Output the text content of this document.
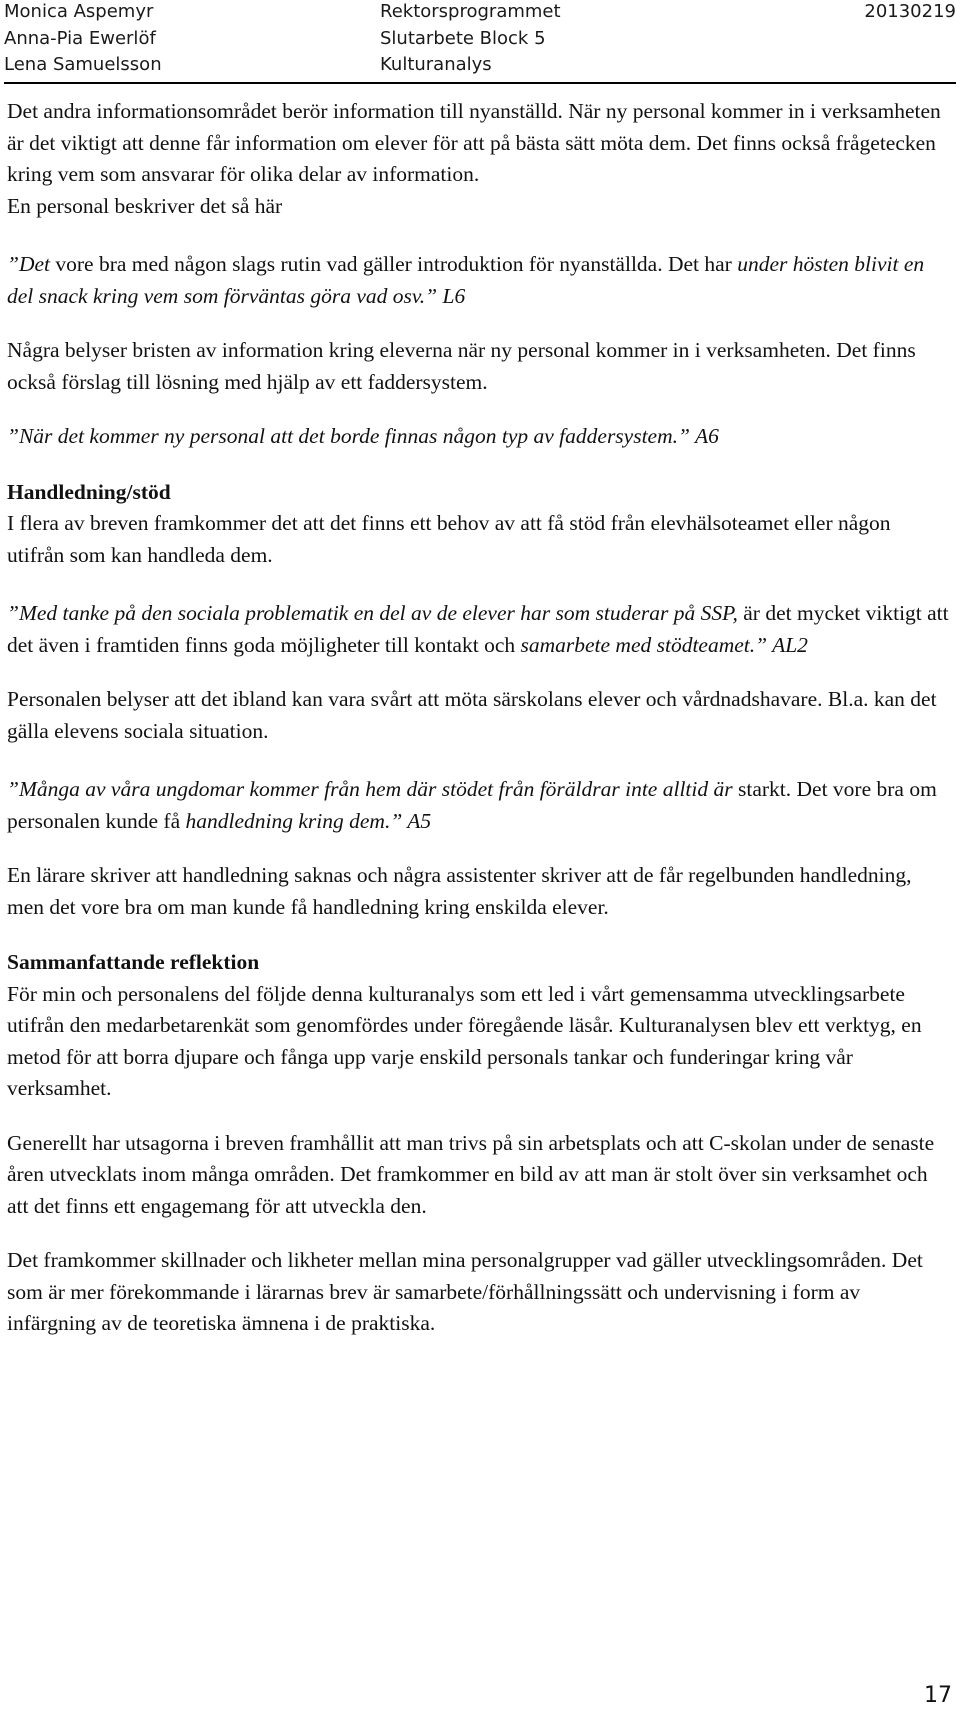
Monica Aspemyr
Anna-Pia Ewerlöf
Lena Samuelsson
Rektorsprogrammet
Slutarbete Block 5
Kulturanalys
20130219

Det andra informationsområdet berör information till nyanställd. När ny personal kommer in i verksamheten är det viktigt att denne får information om elever för att på bästa sätt möta dem. Det finns också frågetecken kring vem som ansvarar för olika delar av information.

En personal beskriver det så här

”Det vore bra med någon slags rutin vad gäller introduktion för nyanställda. Det har under hösten blivit en del snack kring vem som förväntas göra vad osv.” L6

Några belyser bristen av information kring eleverna när ny personal kommer in i verksamheten. Det finns också förslag till lösning med hjälp av ett faddersystem.

”När det kommer ny personal att det borde finnas någon typ av faddersystem.” A6

Handledning/stöd

I flera av breven framkommer det att det finns ett behov av att få stöd från elevhälsoteamet eller någon utifrån som kan handleda dem.

”Med tanke på den sociala problematik en del av de elever har som studerar på SSP, är det mycket viktigt att det även i framtiden finns goda möjligheter till kontakt och samarbete med stödteamet.” AL2

Personalen belyser att det ibland kan vara svårt att möta särskolans elever och vårdnadshavare. Bl.a. kan det gälla elevens sociala situation.

”Många av våra ungdomar kommer från hem där stödet från föräldrar inte alltid är starkt. Det vore bra om personalen kunde få handledning kring dem.” A5

En lärare skriver att handledning saknas och några assistenter skriver att de får regelbunden handledning, men det vore bra om man kunde få handledning kring enskilda elever.

Sammanfattande reflektion

För min och personalens del följde denna kulturanalys som ett led i vårt gemensamma utvecklingsarbete utifrån den medarbetarenkät som genomfördes under föregående läsår. Kulturanalysen blev ett verktyg, en metod för att borra djupare och fånga upp varje enskild personals tankar och funderingar kring vår verksamhet.

Generellt har utsagorna i breven framhållit att man trivs på sin arbetsplats och att C-skolan under de senaste åren utvecklats inom många områden. Det framkommer en bild av att man är stolt över sin verksamhet och att det finns ett engagemang för att utveckla den.

Det framkommer skillnader och likheter mellan mina personalgrupper vad gäller utvecklingsområden. Det som är mer förekommande i lärarnas brev är samarbete/förhållningssätt och undervisning i form av infärgning av de teoretiska ämnena i de praktiska.

17
